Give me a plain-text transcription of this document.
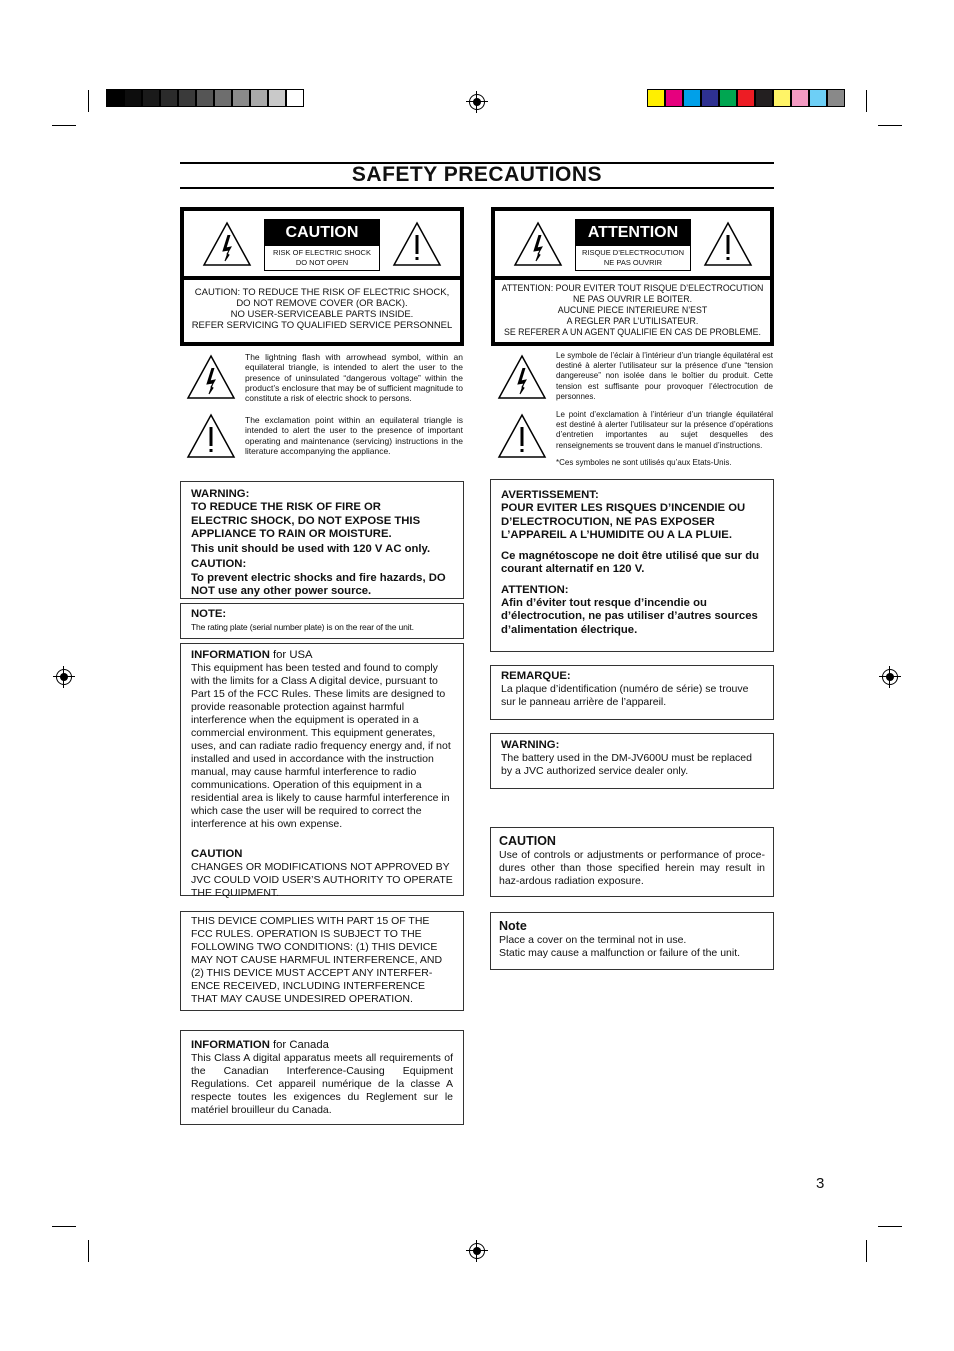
SAFETY PRECAUTIONS
CAUTION
RISK OF ELECTRIC SHOCK
DO NOT OPEN

CAUTION: TO REDUCE THE RISK OF ELECTRIC SHOCK,

DO NOT REMOVE COVER (OR BACK).

NO USER-SERVICEABLE PARTS INSIDE.

REFER SERVICING TO QUALIFIED SERVICE PERSONNEL

ATTENTION
RISQUE D’ELECTROCUTION
NE PAS OUVRIR

ATTENTION: POUR EVITER TOUT RISQUE D’ELECTROCUTION

NE PAS OUVRIR LE BOITER.

AUCUNE PIECE INTERIEURE N’EST

A REGLER PAR L’UTILISATEUR.

SE REFERER A UN AGENT QUALIFIE EN CAS DE PROBLEME.

The lightning flash with arrowhead symbol, within an equilateral triangle, is intended to alert the user to the presence of uninsulated “dangerous voltage” within the product’s enclosure that may be of sufficient magnitude to constitute a risk of electric shock to persons.
The exclamation point within an equilateral triangle is intended to alert the user to the presence of important operating and maintenance (servicing) instructions in the literature accompanying the appliance.
Le symbole de l’éclair à l’intérieur d’un triangle équilatéral est destiné à alerter l’utilisateur sur la présence d’une “tension dangereuse” non isolée dans le boîtier du produit. Cette tension est suffisante pour provoquer l’électrocution de personnes.
Le point d’exclamation à l’intérieur d’un triangle équilatéral est destiné à alerter l’utilisateur sur la présence d’opérations d’entretien importantes au sujet desquelles des renseignements se trouvent dans le manuel d’instructions.
*Ces symboles ne sont utilisés qu’aux Etats-Unis.

WARNING:

TO REDUCE THE RISK OF FIRE OR

ELECTRIC SHOCK, DO NOT EXPOSE THIS

APPLIANCE TO RAIN OR MOISTURE.

This unit should be used with 120 V AC only.

CAUTION:

To prevent electric shocks and fire hazards, DO NOT use any other power source.

NOTE:

The rating plate (serial number plate) is on the rear of the unit.

INFORMATION for USA

This equipment has been tested and found to comply with the limits for a Class A digital device, pursuant to Part 15 of the FCC Rules. These limits are designed to provide reasonable protection against harmful interference when the equipment is operated in a commercial environment. This equipment generates, uses, and can radiate radio frequency energy and, if not installed and used in accordance with the instruction manual, may cause harmful interference to radio communications. Operation of this equipment in a residential area is likely to cause harmful interference in which case the user will be required to correct the interference at his own expense.

CAUTION

CHANGES OR MODIFICATIONS NOT APPROVED BY JVC COULD VOID USER’S AUTHORITY TO OPERATE THE EQUIPMENT.

THIS DEVICE COMPLIES WITH PART 15 OF THE FCC RULES. OPERATION IS SUBJECT TO THE FOLLOWING TWO CONDITIONS: (1) THIS DEVICE MAY NOT CAUSE HARMFUL INTERFERENCE, AND (2) THIS DEVICE MUST ACCEPT ANY INTERFER-ENCE RECEIVED, INCLUDING INTERFERENCE THAT MAY CAUSE UNDESIRED OPERATION.

INFORMATION for Canada

This Class A digital apparatus meets all requirements of the Canadian Interference-Causing Equipment Regulations. Cet appareil numérique de la classe A respecte toutes les exigences du Reglement sur le matériel brouilleur du Canada.

AVERTISSEMENT:

POUR EVITER LES RISQUES D’INCENDIE OU D’ELECTROCUTION, NE PAS EXPOSER L’APPAREIL A L’HUMIDITE OU A LA PLUIE.

Ce magnétoscope ne doit être utilisé que sur du courant alternatif en 120 V.

ATTENTION:

Afin d’éviter tout resque d’incendie ou d’électrocution, ne pas utiliser d’autres sources d’alimentation électrique.

REMARQUE:

La plaque d’identification (numéro de série) se trouve sur le panneau arrière de l’appareil.

WARNING:

The battery used in the DM-JV600U must be replaced by a JVC authorized service dealer only.

CAUTION

Use of controls or adjustments or performance of proce-dures other than those specified herein may result in haz-ardous radiation exposure.

Note

Place a cover on the terminal not in use.

Static may cause a malfunction or failure of the unit.

3
